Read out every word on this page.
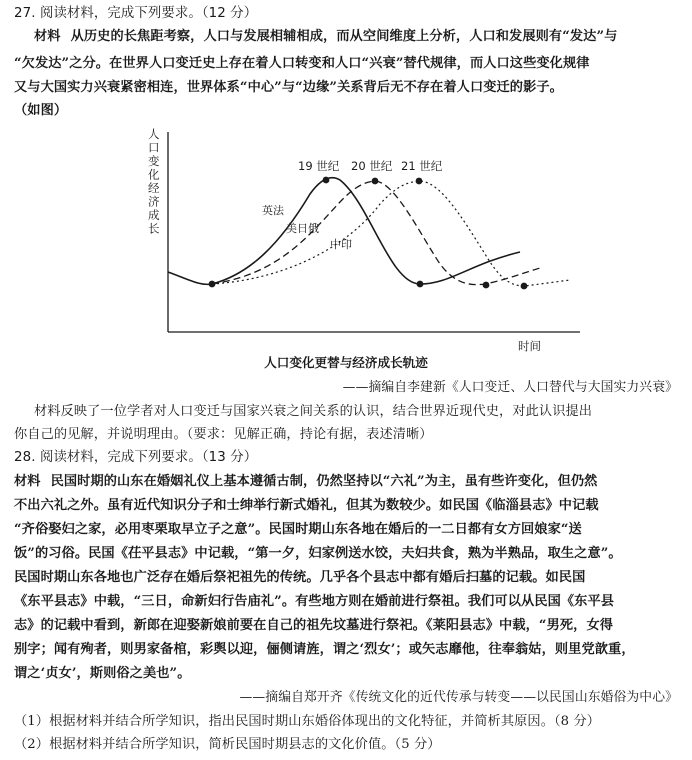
27. 阅读材料，完成下列要求。（12 分）
材料 从历史的长焦距考察，人口与发展相辅相成，而从空间维度上分析，人口和发展则有“发达”与
“欠发达”之分。在世界人口变迁史上存在着人口转变和人口“兴衰”替代规律，而人口这些变化规律
又与大国实力兴衰紧密相连，世界体系“中心”与“边缘”关系背后无不存在着人口变迁的影子。
（如图）
人
口
变
化
经
济
成
长
时间
19 世纪 20 世纪 21 世纪
英法
美日俄
中印
人口变化更替与经济成长轨迹
——摘编自李建新《人口变迁、人口替代与大国实力兴衰》
材料反映了一位学者对人口变迁与国家兴衰之间关系的认识，结合世界近现代史，对此认识提出
你自己的见解，并说明理由。（要求：见解正确，持论有据，表述清晰）
28. 阅读材料，完成下列要求。（13 分）
材料 民国时期的山东在婚姻礼仪上基本遵循古制，仍然坚持以“六礼”为主，虽有些许变化，但仍然
不出六礼之外。虽有近代知识分子和士绅举行新式婚礼，但其为数较少。如民国《临淄县志》中记载
“齐俗娶妇之家，必用枣栗取早立子之意”。民国时期山东各地在婚后的一二日都有女方回娘家“送
饭”的习俗。民国《茌平县志》中记载，“第一夕，妇家例送水饺，夫妇共食，熟为半熟品，取生之意”。
民国时期山东各地也广泛存在婚后祭祀祖先的传统。几乎各个县志中都有婚后扫墓的记载。如民国
《东平县志》中载，“三日，命新妇行告庙礼”。有些地方则在婚前进行祭祖。我们可以从民国《东平县
志》的记载中看到，新郎在迎娶新娘前要在自己的祖先坟墓进行祭祀。《莱阳县志》中载，“男死，女得
别字；闻有殉者，则男家备棺，彩舆以迎，俪侧请旌，谓之‘烈女’；或矢志靡他，往奉翁姑，则里党歆重，
谓之‘贞女’，斯则俗之美也”。
——摘编自郑开齐《传统文化的近代传承与转变——以民国山东婚俗为中心》
（1）根据材料并结合所学知识，指出民国时期山东婚俗体现出的文化特征，并简析其原因。（8 分）
（2）根据材料并结合所学知识，简析民国时期县志的文化价值。（5 分）
